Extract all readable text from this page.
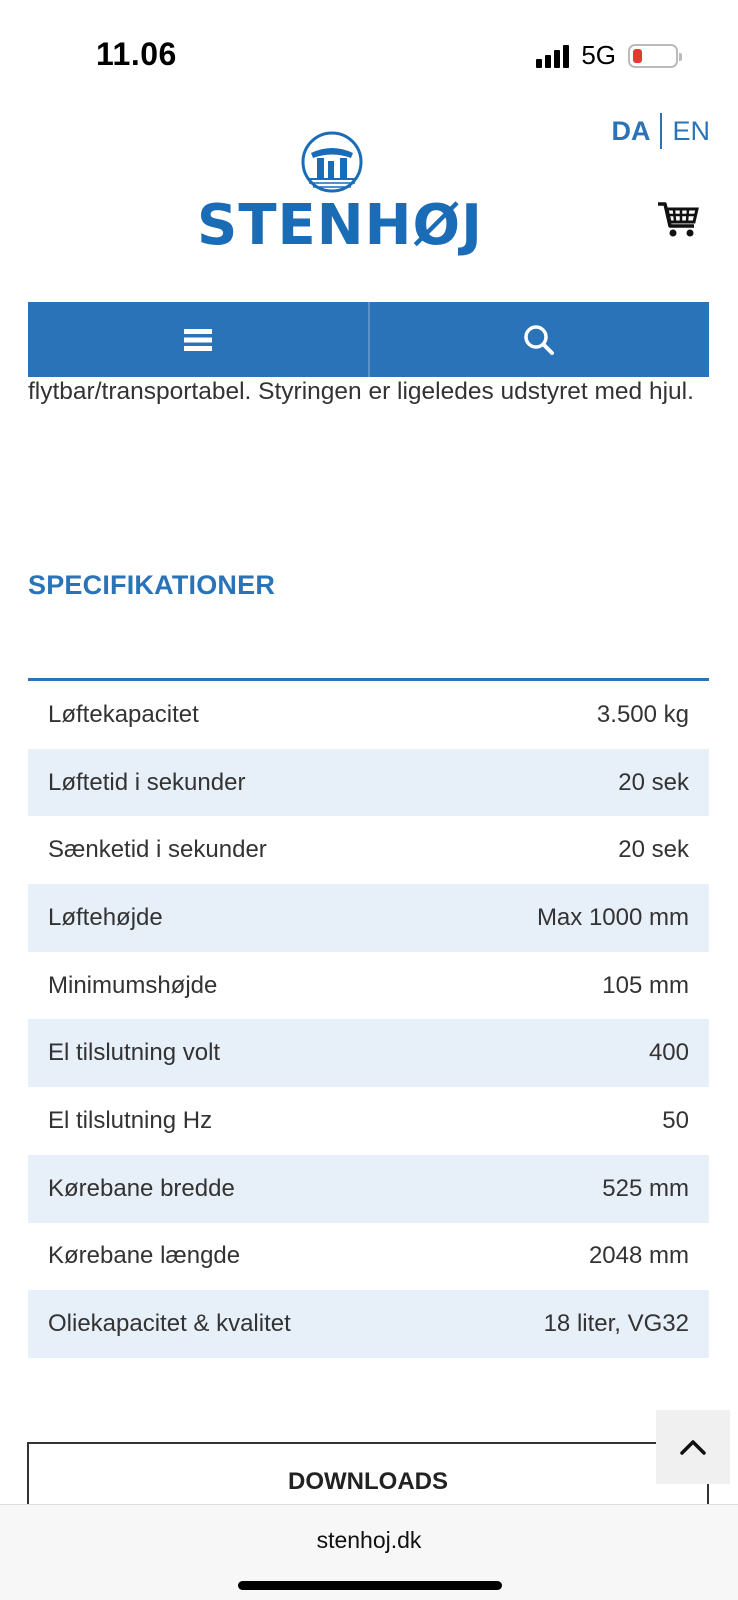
11.06	5G
DA EN
STENHØJ
flytbar/transportabel. Styringen er ligeledes udstyret med hjul.
SPECIFIKATIONER
Løftekapacitet	3.500 kg
Løftetid i sekunder	20 sek
Sænketid i sekunder	20 sek
Løftehøjde	Max 1000 mm
Minimumshøjde	105 mm
El tilslutning volt	400
El tilslutning Hz	50
Kørebane bredde	525 mm
Kørebane længde	2048 mm
Oliekapacitet & kvalitet	18 liter, VG32
DOWNLOADS
stenhoj.dk
